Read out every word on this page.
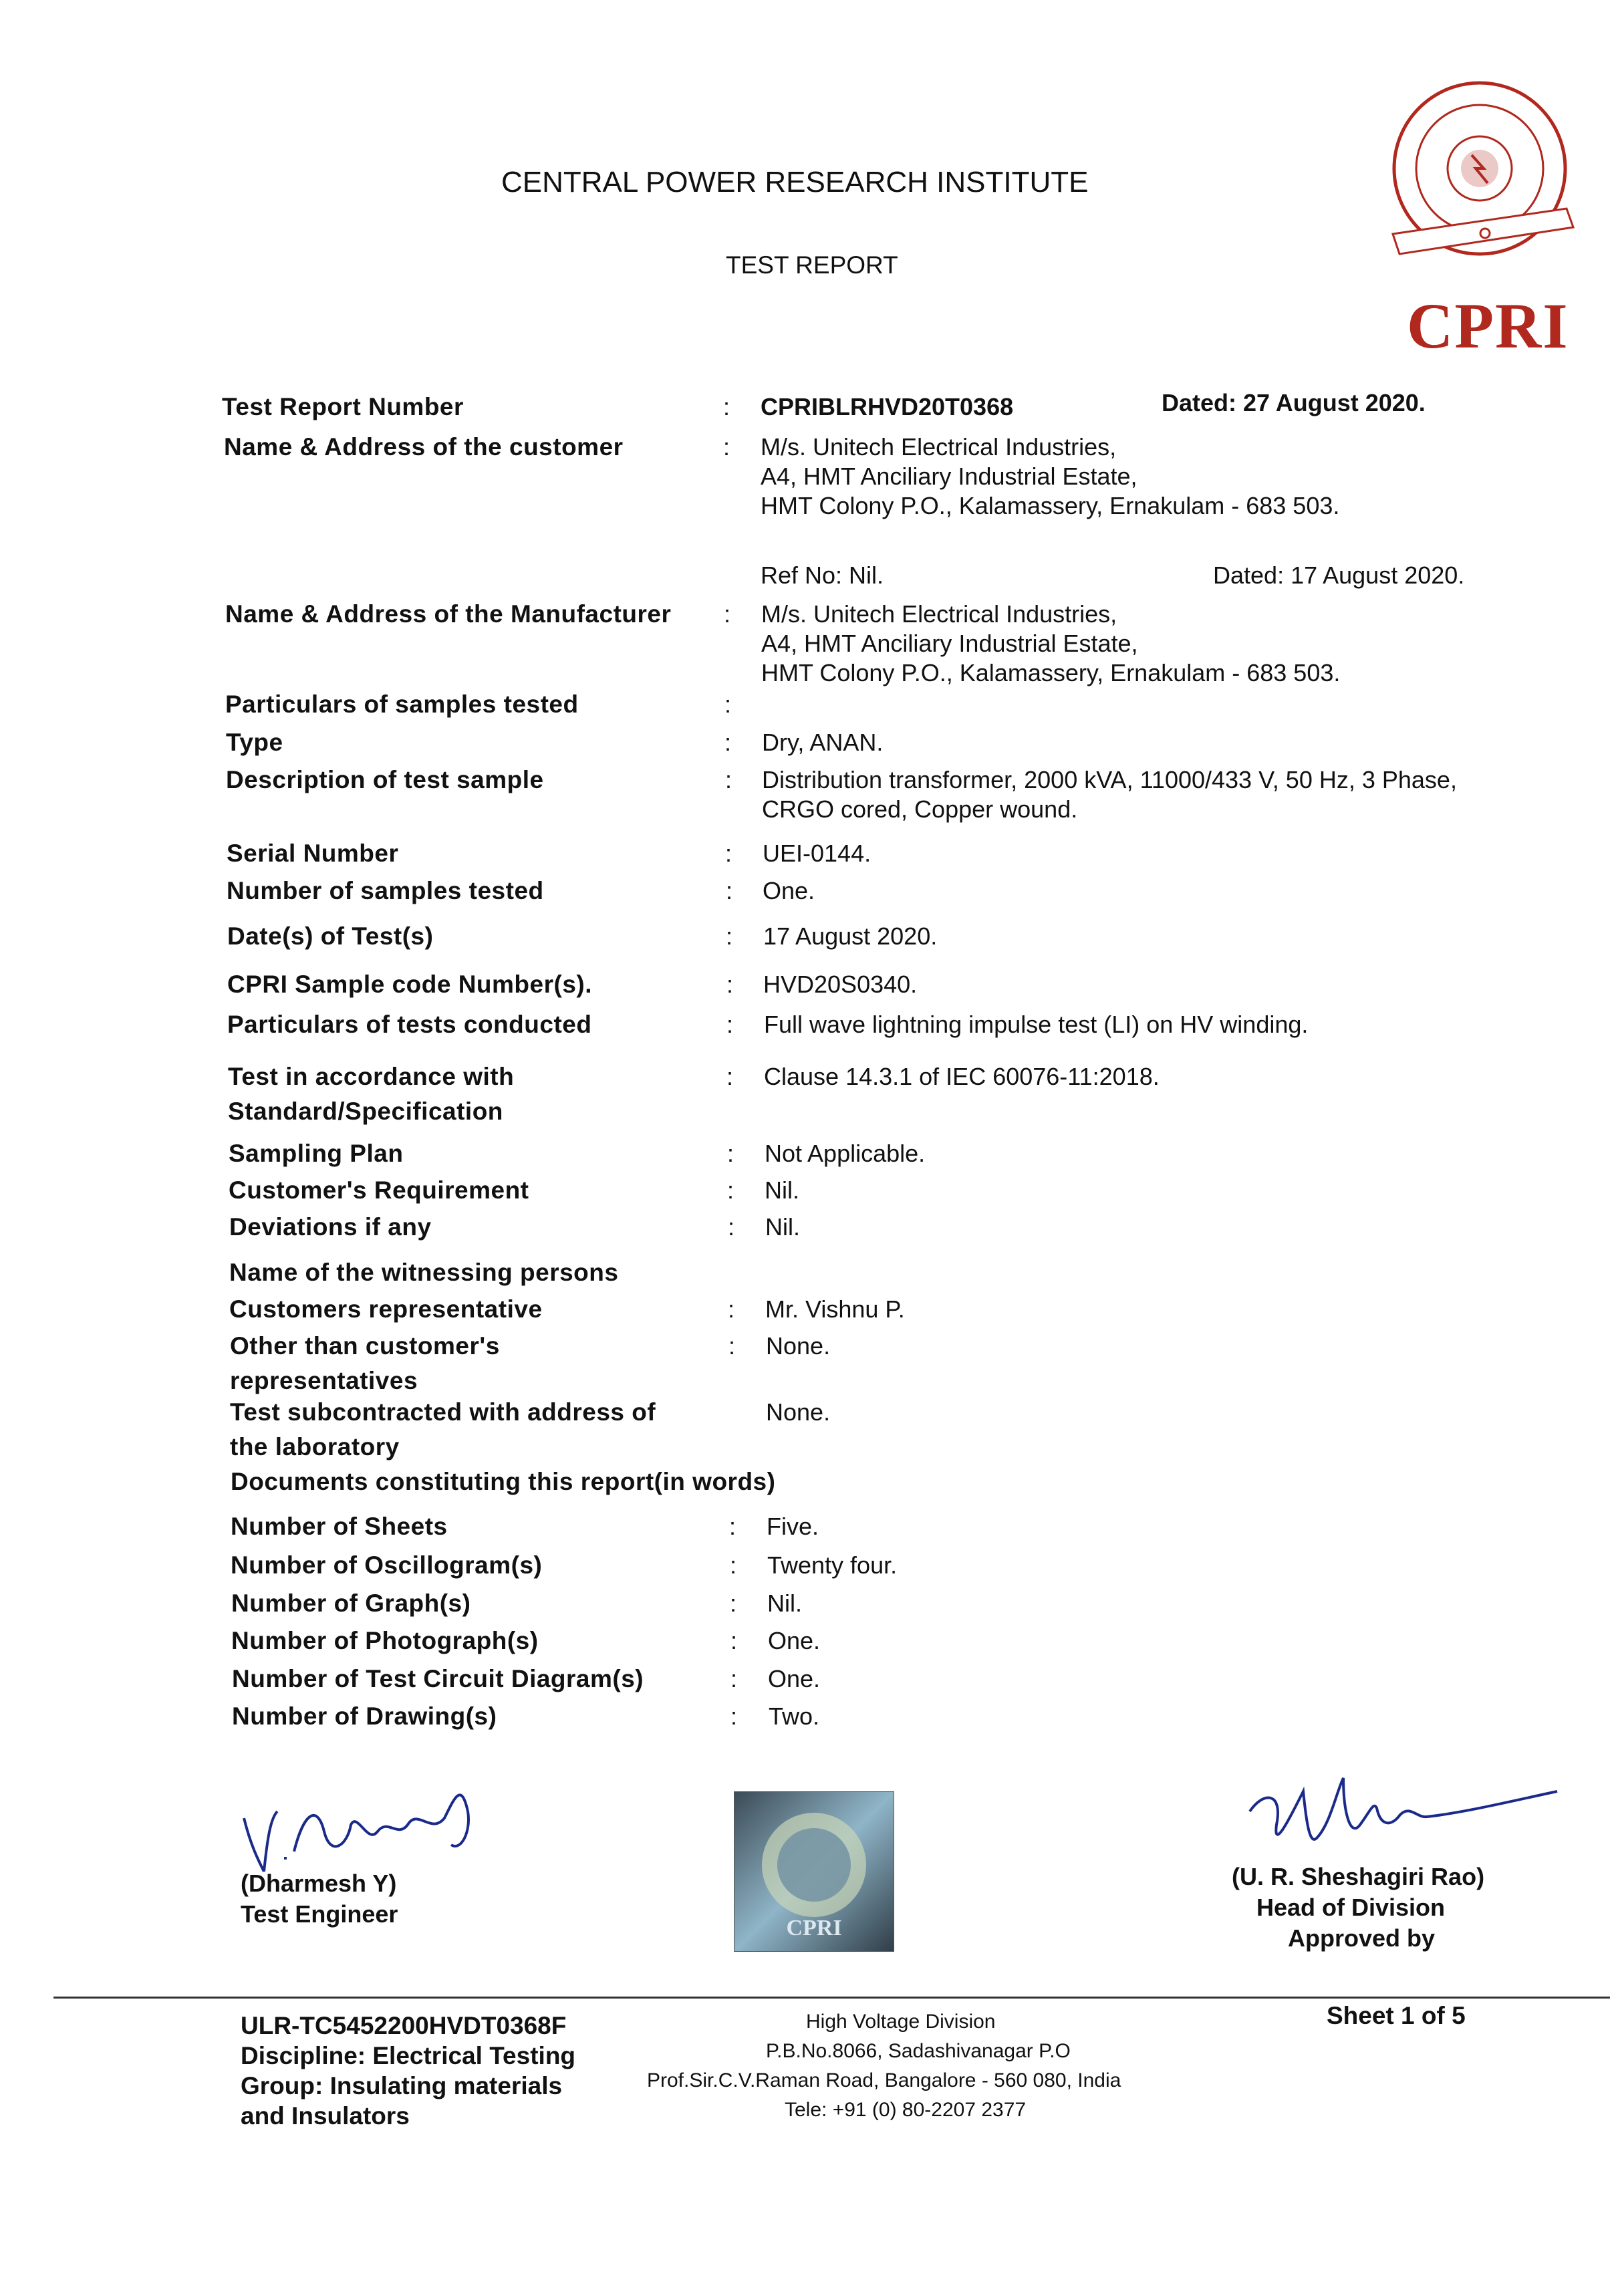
CENTRAL POWER RESEARCH INSTITUTE
TEST REPORT
CPRI
Test Report Number	: CPRIBLRHVD20T0368	Dated: 27 August 2020.
Name & Address of the customer	: M/s. Unitech Electrical Industries,
A4, HMT Anciliary Industrial Estate,
HMT Colony P.O., Kalamassery, Ernakulam - 683 503.
Ref No: Nil.	Dated: 17 August 2020.
Name & Address of the Manufacturer : M/s. Unitech Electrical Industries,
A4, HMT Anciliary Industrial Estate,
HMT Colony P.O., Kalamassery, Ernakulam - 683 503.
Particulars of samples tested	:
Type	: Dry, ANAN.
Description of test sample	: Distribution transformer, 2000 kVA, 11000/433 V, 50 Hz, 3 Phase,
CRGO cored, Copper wound.
Serial Number	: UEI-0144.
Number of samples tested	: One.
Date(s) of Test(s)	: 17 August 2020.
CPRI Sample code Number(s).	: HVD20S0340.
Particulars of tests conducted	: Full wave lightning impulse test (LI) on HV winding.
Test in accordance with
Standard/Specification
: Clause 14.3.1 of IEC 60076-11:2018.
Sampling Plan	: Not Applicable.
Customer's Requirement	: Nil.
Deviations if any	: Nil.
Name of the witnessing persons
Customers representative	: Mr. Vishnu P.
Other than customer's
representatives
: None.
Test subcontracted with address of
the laboratory
None.
Documents constituting this report(in words)
Number of Sheets	: Five.
Number of Oscillogram(s)	: Twenty four.
Number of Graph(s)	: Nil.
Number of Photograph(s)	: One.
Number of Test Circuit Diagram(s)	: One.
Number of Drawing(s)	: Two.
(Dharmesh Y)
Test Engineer
CPRI
(U. R. Sheshagiri Rao)
Head of Division
Approved by
ULR-TC5452200HVDT0368F
Discipline: Electrical Testing
Group: Insulating materials
and Insulators
High Voltage Division
P.B.No.8066, Sadashivanagar P.O
Prof.Sir.C.V.Raman Road, Bangalore - 560 080, India
Tele: +91 (0) 80-2207 2377
Sheet 1 of 5
